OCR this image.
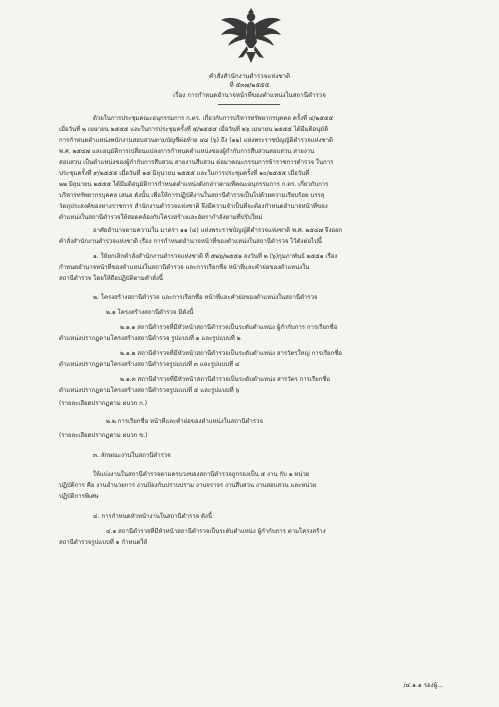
คำสั่งสำนักงานตำรวจแห่งชาติ
ที่ ๕๓๗/๒๕๕๕
เรื่อง การกำหนดอำนาจหน้าที่ของตำแหน่งในสถานีตำรวจ
ด้วยในการประชุมคณะอนุกรรมการ ก.ตร. เกี่ยวกับการบริหารทรัพยากรบุคคล ครั้งที่ ๔/๒๕๕๕
เมื่อวันที่ ๒ เมษายน ๒๕๕๕ และในการประชุมครั้งที่ ๕/๒๕๕๕ เมื่อวันที่ ๒๖ เมษายน ๒๕๕๕ ได้มีมติอนุมัติ
การกำหนดตำแหน่งพนักงานสอบสวนตามบัญชีต่อท้าย ๔๔ (๖) ถึง (๑๑) แห่งพระราชบัญญัติตำรวจแห่งชาติ
พ.ศ. ๒๕๔๗ และอนุมัติการเปลี่ยนแปลงการกำหนดตำแหน่งของผู้กำกับการสืบสวนสอบสวน สายงาน
สอบสวน เป็นตำแหน่งของผู้กำกับการสืบสวน สายงานสืบสวน ต่อมาคณะกรรมการข้าราชการตำรวจ ในการ
ประชุมครั้งที่ ๙/๒๕๕๕ เมื่อวันที่ ๑๕ มิถุนายน ๒๕๕๕ และในการประชุมครั้งที่ ๑๐/๒๕๕๕ เมื่อวันที่
๒๒ มิถุนายน ๒๕๕๕ ได้มีมติอนุมัติการกำหนดตำแหน่งดังกล่าวตามที่คณะอนุกรรมการ ก.ตร. เกี่ยวกับการ
บริหารทรัพยากรบุคคล เสนอ ดังนั้น เพื่อให้การปฏิบัติงานในสถานีตำรวจเป็นไปด้วยความเรียบร้อย บรรลุ
วัตถุประสงค์ของทางราชการ สำนักงานตำรวจแห่งชาติ จึงมีความจำเป็นที่จะต้องกำหนดอำนาจหน้าที่ของ
ตำแหน่งในสถานีตำรวจให้สอดคล้องกับโครงสร้างและอัตรากำลังตามที่ปรับใหม่
อาศัยอำนาจตามความใน มาตรา ๑๑ (๔) แห่งพระราชบัญญัติตำรวจแห่งชาติ พ.ศ. ๒๕๔๗ จึงออก
คำสั่งสำนักงานตำรวจแห่งชาติ เรื่อง การกำหนดอำนาจหน้าที่ของตำแหน่งในสถานีตำรวจ ไว้ดังต่อไปนี้
๑. ให้ยกเลิกคำสั่งสำนักงานตำรวจแห่งชาติ ที่ ๕๒๖/๒๕๕๑ ลงวันที่ ๒ (๖)กุมภาพันธ์ ๒๕๕๑ เรื่อง
กำหนดอำนาจหน้าที่ของตำแหน่งในสถานีตำรวจ และการเรียกชื่อ หน้าที่และคำย่อของตำแหน่งใน
สถานีตำรวจ โดยให้ถือปฏิบัติตามคำสั่งนี้
๒. โครงสร้างสถานีตำรวจ และการเรียกชื่อ หน้าที่และคำย่อของตำแหน่งในสถานีตำรวจ
๒.๑ โครงสร้างสถานีตำรวจ มีดังนี้
๒.๑.๑ สถานีตำรวจที่มีหัวหน้าสถานีตำรวจเป็นระดับตำแหน่ง ผู้กำกับการ การเรียกชื่อ
ตำแหน่งปรากฏตามโครงสร้างสถานีตำรวจ รูปแบบที่ ๑ และรูปแบบที่ ๒
๒.๑.๒ สถานีตำรวจที่มีหัวหน้าสถานีตำรวจเป็นระดับตำแหน่ง สารวัตรใหญ่ การเรียกชื่อ
ตำแหน่งปรากฏตามโครงสร้างสถานีตำรวจรูปแบบที่ ๓ และรูปแบบที่ ๔
๒.๑.๓ สถานีตำรวจที่มีหัวหน้าสถานีตำรวจเป็นระดับตำแหน่ง สารวัตร การเรียกชื่อ
ตำแหน่งปรากฏตามโครงสร้างสถานีตำรวจรูปแบบที่ ๕ และรูปแบบที่ ๖
(รายละเอียดปรากฏตาม ผนวก ก.)
๒.๒ การเรียกชื่อ หน้าที่และคำย่อของตำแหน่งในสถานีตำรวจ
(รายละเอียดปรากฏตาม ผนวก ข.)
๓. ลักษณะงานในสถานีตำรวจ
ให้แบ่งงานในสถานีตำรวจตามครบวงของสถานีตำรวจถูกรองเป็น ๕ งาน กับ ๑ หน่วย
ปฏิบัติการ คือ งานอำนวยการ งานป้องกันปราบปราม งานจราจร งานสืบสวน งานสอบสวน และหน่วย
ปฏิบัติการพิเศษ
๔. การกำหนดหัวหน้างานในสถานีตำรวจ ดังนี้
๔.๑ สถานีตำรวจที่มีหัวหน้าสถานีตำรวจเป็นระดับตำแหน่ง ผู้กำกับการ ตามโครงสร้าง
สถานีตำรวจรูปแบบที่ ๑ กำหนดให้
/๔.๑.๑ รองผู้...
